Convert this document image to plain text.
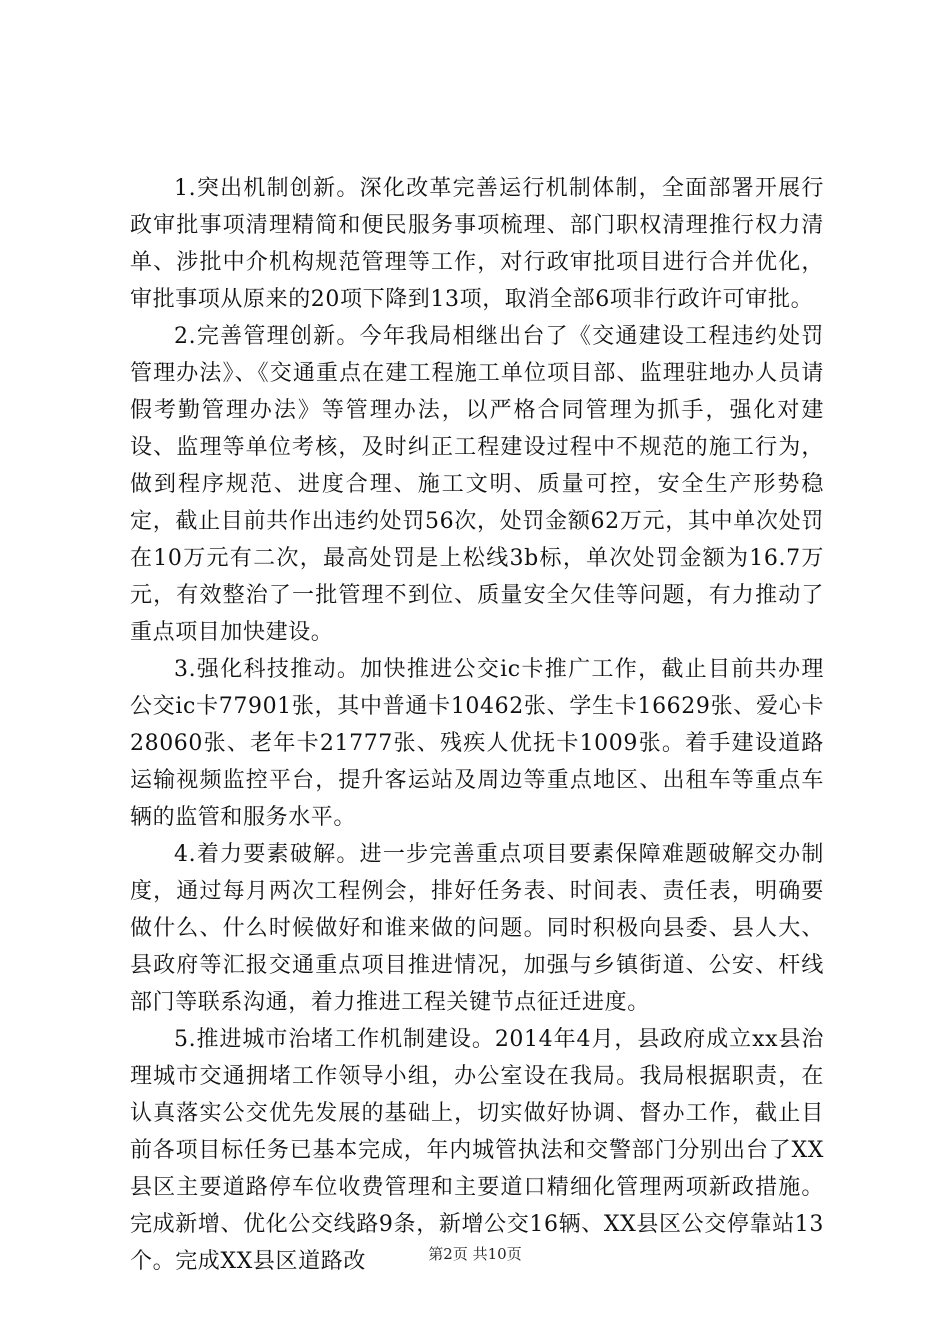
1.突出机制创新。深化改革完善运行机制体制，全面部署开展行政审批事项清理精简和便民服务事项梳理、部门职权清理推行权力清单、涉批中介机构规范管理等工作，对行政审批项目进行合并优化，审批事项从原来的20项下降到13项，取消全部6项非行政许可审批。

2.完善管理创新。今年我局相继出台了《交通建设工程违约处罚管理办法》、《交通重点在建工程施工单位项目部、监理驻地办人员请假考勤管理办法》等管理办法，以严格合同管理为抓手，强化对建设、监理等单位考核，及时纠正工程建设过程中不规范的施工行为，做到程序规范、进度合理、施工文明、质量可控，安全生产形势稳定，截止目前共作出违约处罚56次，处罚金额62万元，其中单次处罚在10万元有二次，最高处罚是上松线3b标，单次处罚金额为16.7万元，有效整治了一批管理不到位、质量安全欠佳等问题，有力推动了重点项目加快建设。

3.强化科技推动。加快推进公交ic卡推广工作，截止目前共办理公交ic卡77901张，其中普通卡10462张、学生卡16629张、爱心卡28060张、老年卡21777张、残疾人优抚卡1009张。着手建设道路运输视频监控平台，提升客运站及周边等重点地区、出租车等重点车辆的监管和服务水平。

4.着力要素破解。进一步完善重点项目要素保障难题破解交办制度，通过每月两次工程例会，排好任务表、时间表、责任表，明确要做什么、什么时候做好和谁来做的问题。同时积极向县委、县人大、县政府等汇报交通重点项目推进情况，加强与乡镇街道、公安、杆线部门等联系沟通，着力推进工程关键节点征迁进度。

5.推进城市治堵工作机制建设。2014年4月，县政府成立xx县治理城市交通拥堵工作领导小组，办公室设在我局。我局根据职责，在认真落实公交优先发展的基础上，切实做好协调、督办工作，截止目前各项目标任务已基本完成，年内城管执法和交警部门分别出台了XX县区主要道路停车位收费管理和主要道口精细化管理两项新政措施。完成新增、优化公交线路9条，新增公交16辆、XX县区公交停靠站13个。完成XX县区道路改	第2页 共10页
